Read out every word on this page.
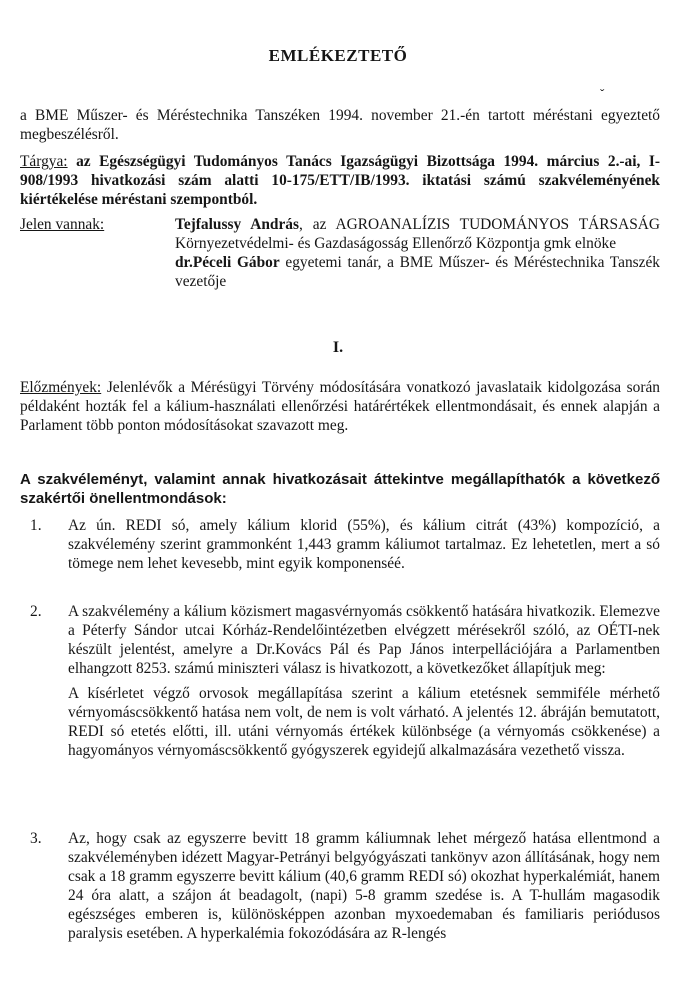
ˇ
EMLÉKEZTETŐ
a BME Műszer- és Méréstechnika Tanszéken 1994. november 21.-én tartott méréstani egyeztető megbeszélésről.
Tárgya: az Egészségügyi Tudományos Tanács Igazságügyi Bizottsága 1994. március 2.-ai, I-908/1993 hivatkozási szám alatti 10-175/ETT/IB/1993. iktatási számú szakvéleményének kiértékelése méréstani szempontból.
Jelen vannak:	Tejfalussy András, az AGROANALÍZIS TUDOMÁNYOS TÁRSASÁG Környezetvédelmi- és Gazdaságosság Ellenőrző Központja gmk elnöke
dr.Péceli Gábor egyetemi tanár, a BME Műszer- és Méréstechnika Tanszék vezetője
I.
Előzmények: Jelenlévők a Mérésügyi Törvény módosítására vonatkozó javaslataik kidolgozása során példaként hozták fel a kálium-használati ellenőrzési határértékek ellentmondásait, és ennek alapján a Parlament több ponton módosításokat szavazott meg.
A szakvéleményt, valamint annak hivatkozásait áttekintve megállapíthatók a következő szakértői önellentmondások:
1. Az ún. REDI só, amely kálium klorid (55%), és kálium citrát (43%) kompozíció, a szakvélemény szerint grammonként 1,443 gramm káliumot tartalmaz. Ez lehetetlen, mert a só tömege nem lehet kevesebb, mint egyik komponenséé.
2. A szakvélemény a kálium közismert magasvérnyomás csökkentő hatására hivatkozik. Elemezve a Péterfy Sándor utcai Kórház-Rendelőintézetben elvégzett mérésekről szóló, az OÉTI-nek készült jelentést, amelyre a Dr.Kovács Pál és Pap János interpellációjára a Parlamentben elhangzott 8253. számú miniszteri válasz is hivatkozott, a következőket állapítjuk meg:
A kísérletet végző orvosok megállapítása szerint a kálium etetésnek semmiféle mérhető vérnyomáscsökkentő hatása nem volt, de nem is volt várható. A jelentés 12. ábráján bemutatott, REDI só etetés előtti, ill. utáni vérnyomás értékek különbsége (a vérnyomás csökkenése) a hagyományos vérnyomáscsökkentő gyógyszerek egyidejű alkalmazására vezethető vissza.
3. Az, hogy csak az egyszerre bevitt 18 gramm káliumnak lehet mérgező hatása ellentmond a szakvéleményben idézett Magyar-Petrányi belgyógyászati tankönyv azon állításának, hogy nem csak a 18 gramm egyszerre bevitt kálium (40,6 gramm REDI só) okozhat hyperkalémiát, hanem 24 óra alatt, a szájon át beadagolt, (napi) 5-8 gramm szedése is. A T-hullám magasodik egészséges emberen is, különösképpen azonban myxoedemaban és familiaris periódusos paralysis esetében. A hyperkalémia fokozódására az R-lengés
